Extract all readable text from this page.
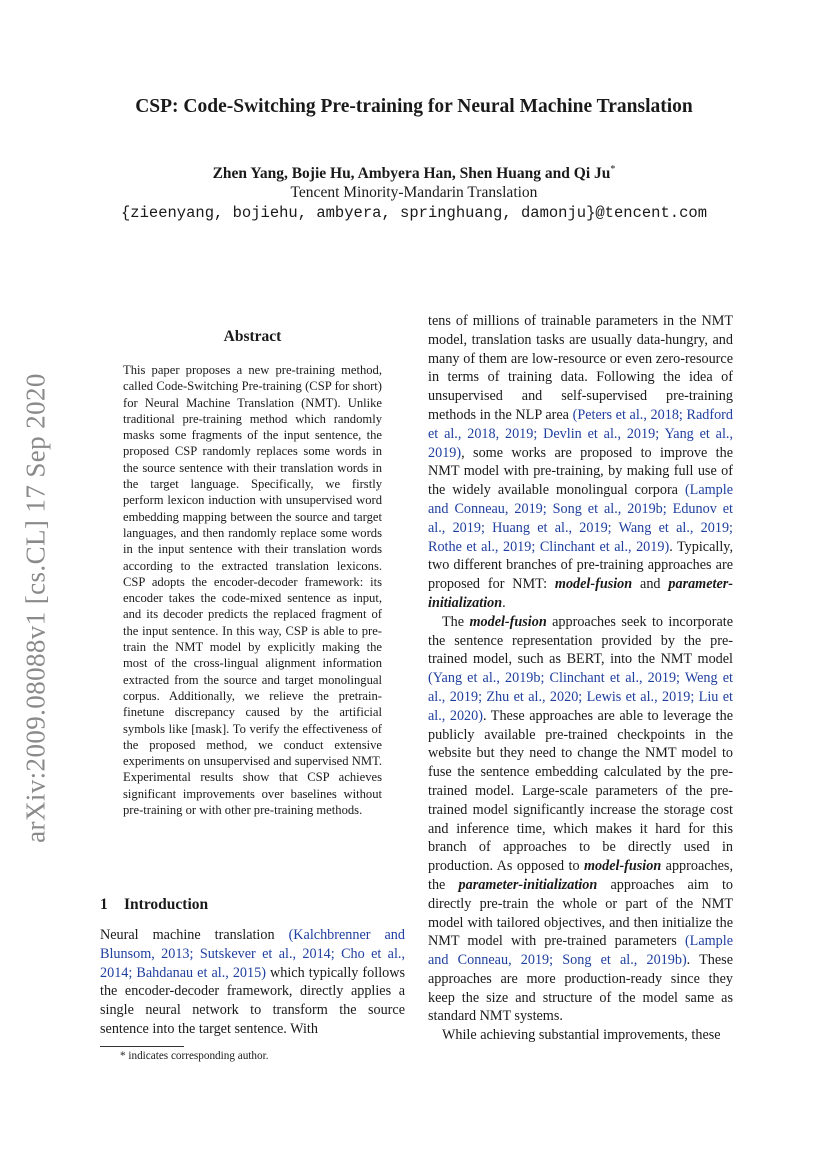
CSP: Code-Switching Pre-training for Neural Machine Translation
Zhen Yang, Bojie Hu, Ambyera Han, Shen Huang and Qi Ju*
Tencent Minority-Mandarin Translation
{zieenyang, bojiehu, ambyera, springhuang, damonju}@tencent.com
arXiv:2009.08088v1 [cs.CL] 17 Sep 2020
Abstract
This paper proposes a new pre-training method, called Code-Switching Pre-training (CSP for short) for Neural Machine Translation (NMT). Unlike traditional pre-training method which randomly masks some fragments of the input sentence, the proposed CSP randomly replaces some words in the source sentence with their translation words in the target language. Specifically, we firstly perform lexicon induction with unsupervised word embedding mapping between the source and target languages, and then randomly replace some words in the input sentence with their translation words according to the extracted translation lexicons. CSP adopts the encoder-decoder framework: its encoder takes the code-mixed sentence as input, and its decoder predicts the replaced fragment of the input sentence. In this way, CSP is able to pre-train the NMT model by explicitly making the most of the cross-lingual alignment information extracted from the source and target monolingual corpus. Additionally, we relieve the pretrain-finetune discrepancy caused by the artificial symbols like [mask]. To verify the effectiveness of the proposed method, we conduct extensive experiments on unsupervised and supervised NMT. Experimental results show that CSP achieves significant improvements over baselines without pre-training or with other pre-training methods.
1 Introduction
Neural machine translation (Kalchbrenner and Blunsom, 2013; Sutskever et al., 2014; Cho et al., 2014; Bahdanau et al., 2015) which typically follows the encoder-decoder framework, directly applies a single neural network to transform the source sentence into the target sentence. With
* indicates corresponding author.

tens of millions of trainable parameters in the NMT model, translation tasks are usually data-hungry, and many of them are low-resource or even zero-resource in terms of training data. Following the idea of unsupervised and self-supervised pre-training methods in the NLP area (Peters et al., 2018; Radford et al., 2018, 2019; Devlin et al., 2019; Yang et al., 2019), some works are proposed to improve the NMT model with pre-training, by making full use of the widely available monolingual corpora (Lample and Conneau, 2019; Song et al., 2019b; Edunov et al., 2019; Huang et al., 2019; Wang et al., 2019; Rothe et al., 2019; Clinchant et al., 2019). Typically, two different branches of pre-training approaches are proposed for NMT: model-fusion and parameter-initialization.

The model-fusion approaches seek to incorporate the sentence representation provided by the pre-trained model, such as BERT, into the NMT model (Yang et al., 2019b; Clinchant et al., 2019; Weng et al., 2019; Zhu et al., 2020; Lewis et al., 2019; Liu et al., 2020). These approaches are able to leverage the publicly available pre-trained checkpoints in the website but they need to change the NMT model to fuse the sentence embedding calculated by the pre-trained model. Large-scale parameters of the pre-trained model significantly increase the storage cost and inference time, which makes it hard for this branch of approaches to be directly used in production. As opposed to model-fusion approaches, the parameter-initialization approaches aim to directly pre-train the whole or part of the NMT model with tailored objectives, and then initialize the NMT model with pre-trained parameters (Lample and Conneau, 2019; Song et al., 2019b). These approaches are more production-ready since they keep the size and structure of the model same as standard NMT systems.

While achieving substantial improvements, these
